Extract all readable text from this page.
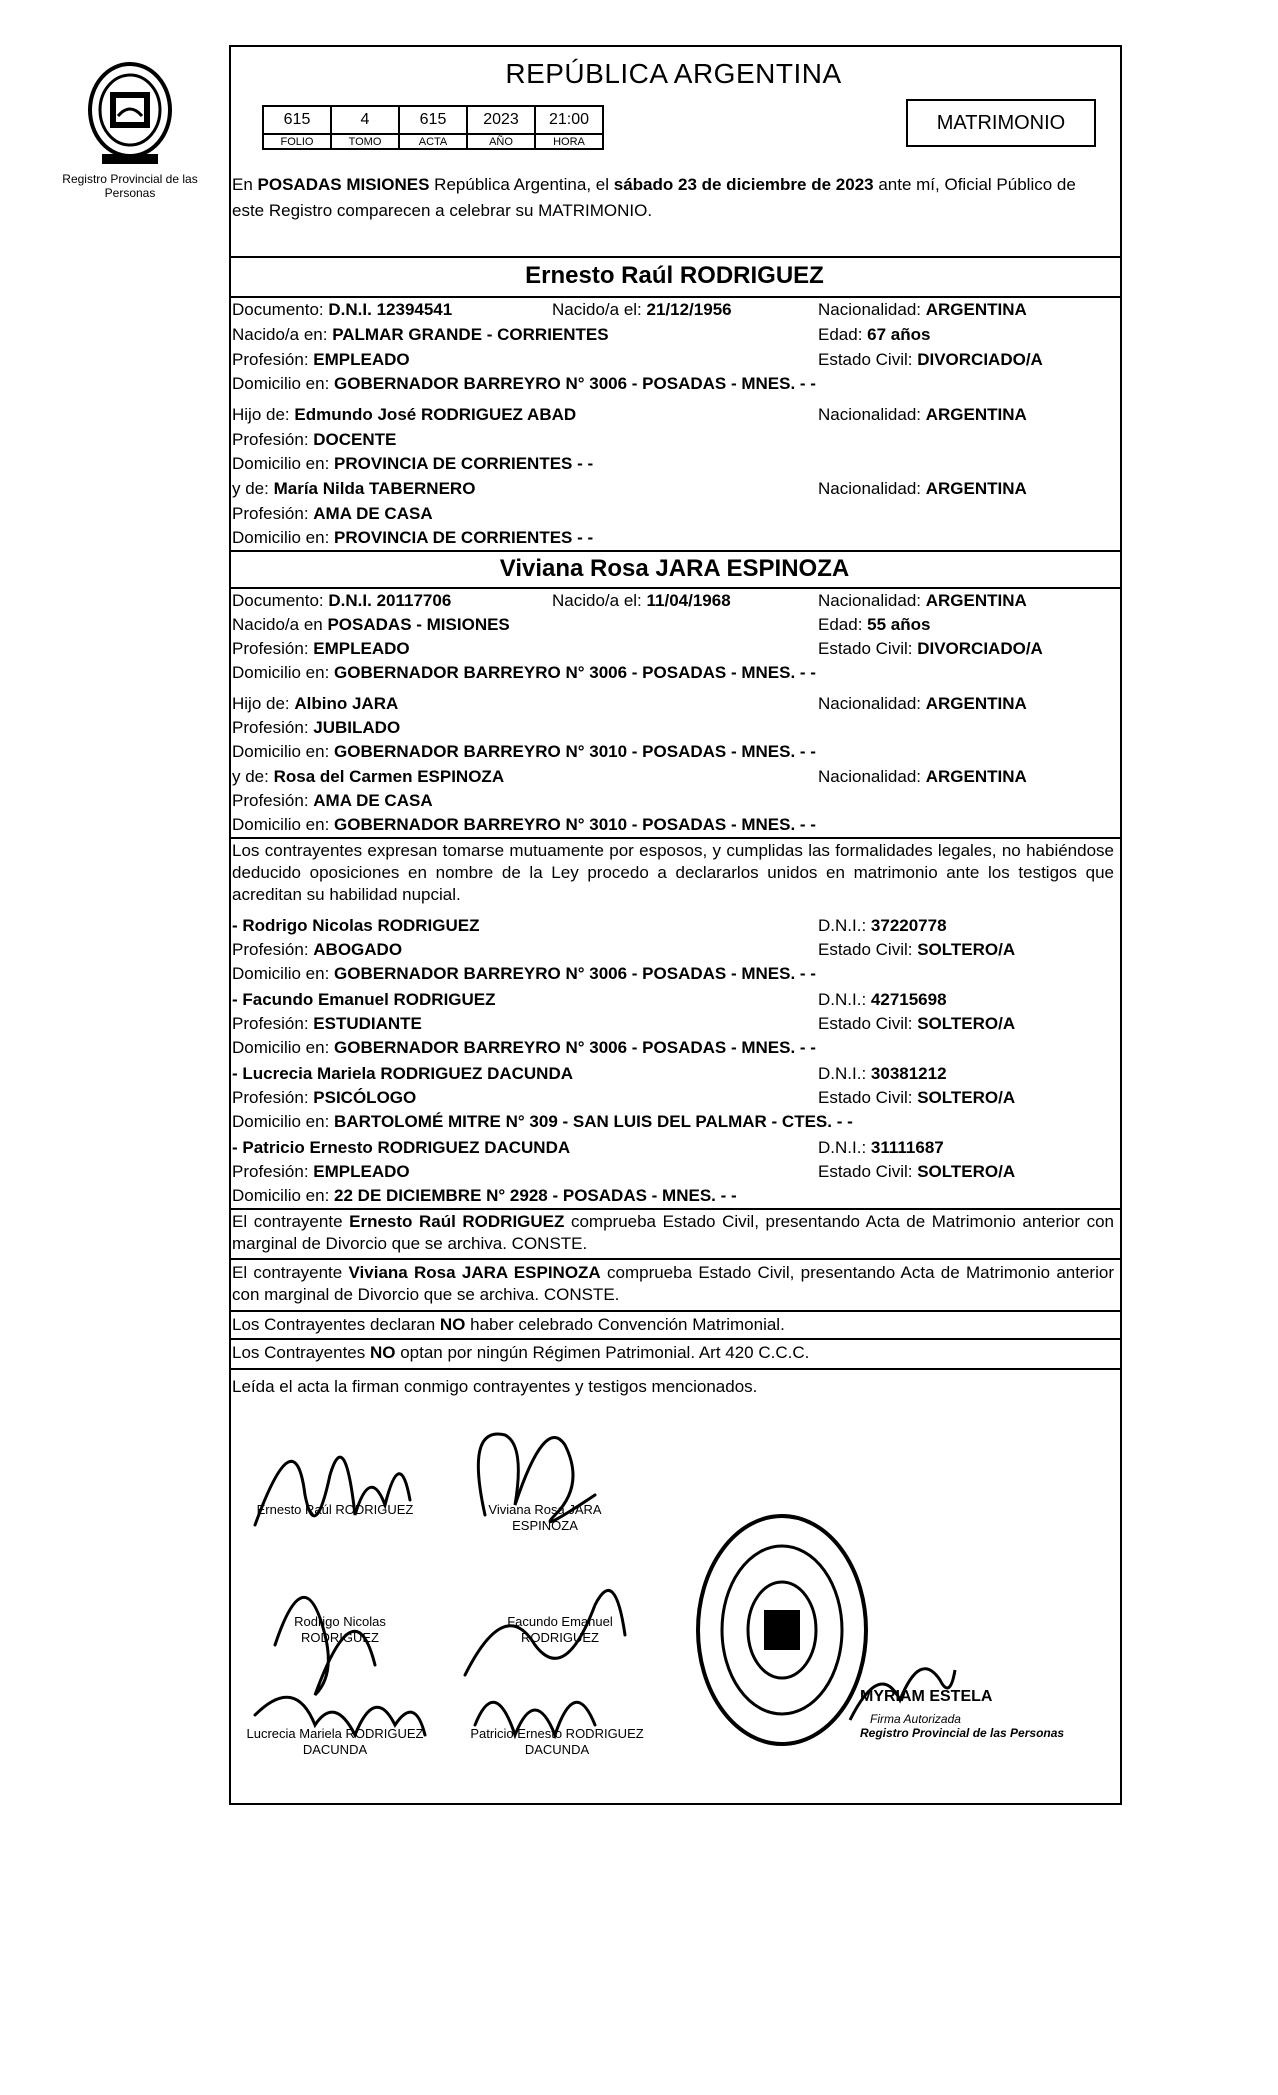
Registro Provincial de las Personas
REPÚBLICA ARGENTINA
615	4	615	2023	21:00
FOLIO	TOMO	ACTA	AÑO	HORA
MATRIMONIO
En POSADAS MISIONES República Argentina, el sábado 23 de diciembre de 2023 ante mí, Oficial Público de este Registro comparecen a celebrar su MATRIMONIO.
Ernesto Raúl RODRIGUEZ
Documento: D.N.I. 12394541	Nacido/a el: 21/12/1956	Nacionalidad: ARGENTINA
Nacido/a en: PALMAR GRANDE - CORRIENTES	Edad: 67 años
Profesión: EMPLEADO	Estado Civil: DIVORCIADO/A
Domicilio en: GOBERNADOR BARREYRO N° 3006 - POSADAS - MNES. - -
Hijo de: Edmundo José RODRIGUEZ ABAD	Nacionalidad: ARGENTINA
Profesión: DOCENTE
Domicilio en: PROVINCIA DE CORRIENTES - -
y de: María Nilda TABERNERO	Nacionalidad: ARGENTINA
Profesión: AMA DE CASA
Domicilio en: PROVINCIA DE CORRIENTES - -
Viviana Rosa JARA ESPINOZA
Documento: D.N.I. 20117706	Nacido/a el: 11/04/1968	Nacionalidad: ARGENTINA
Nacido/a en POSADAS - MISIONES	Edad: 55 años
Profesión: EMPLEADO	Estado Civil: DIVORCIADO/A
Domicilio en: GOBERNADOR BARREYRO N° 3006 - POSADAS - MNES. - -
Hijo de: Albino JARA	Nacionalidad: ARGENTINA
Profesión: JUBILADO
Domicilio en: GOBERNADOR BARREYRO N° 3010 - POSADAS - MNES. - -
y de: Rosa del Carmen ESPINOZA	Nacionalidad: ARGENTINA
Profesión: AMA DE CASA
Domicilio en: GOBERNADOR BARREYRO N° 3010 - POSADAS - MNES. - -
Los contrayentes expresan tomarse mutuamente por esposos, y cumplidas las formalidades legales, no habiéndose deducido oposiciones en nombre de la Ley procedo a declararlos unidos en matrimonio ante los testigos que acreditan su habilidad nupcial.
- Rodrigo Nicolas RODRIGUEZ	D.N.I.: 37220778
Profesión: ABOGADO	Estado Civil: SOLTERO/A
Domicilio en: GOBERNADOR BARREYRO N° 3006 - POSADAS - MNES. - -
- Facundo Emanuel RODRIGUEZ	D.N.I.: 42715698
Profesión: ESTUDIANTE	Estado Civil: SOLTERO/A
Domicilio en: GOBERNADOR BARREYRO N° 3006 - POSADAS - MNES. - -
- Lucrecia Mariela RODRIGUEZ DACUNDA	D.N.I.: 30381212
Profesión: PSICÓLOGO	Estado Civil: SOLTERO/A
Domicilio en: BARTOLOMÉ MITRE N° 309 - SAN LUIS DEL PALMAR - CTES. - -
- Patricio Ernesto RODRIGUEZ DACUNDA	D.N.I.: 31111687
Profesión: EMPLEADO	Estado Civil: SOLTERO/A
Domicilio en: 22 DE DICIEMBRE N° 2928 - POSADAS - MNES. - -
El contrayente Ernesto Raúl RODRIGUEZ comprueba Estado Civil, presentando Acta de Matrimonio anterior con marginal de Divorcio que se archiva. CONSTE.
El contrayente Viviana Rosa JARA ESPINOZA comprueba Estado Civil, presentando Acta de Matrimonio anterior con marginal de Divorcio que se archiva. CONSTE.
Los Contrayentes declaran NO haber celebrado Convención Matrimonial.
Los Contrayentes NO optan por ningún Régimen Patrimonial. Art 420 C.C.C.
Leída el acta la firman conmigo contrayentes y testigos mencionados.
Ernesto Raúl RODRIGUEZ	Viviana Rosa JARA ESPINOZA
Rodrigo Nicolas RODRIGUEZ
Facundo Emanuel RODRIGUEZ
Lucrecia Mariela RODRIGUEZ DACUNDA
Patricio Ernesto RODRIGUEZ DACUNDA
MYRIAM ESTELA
Firma Autorizada
Registro Provincial de las Personas
